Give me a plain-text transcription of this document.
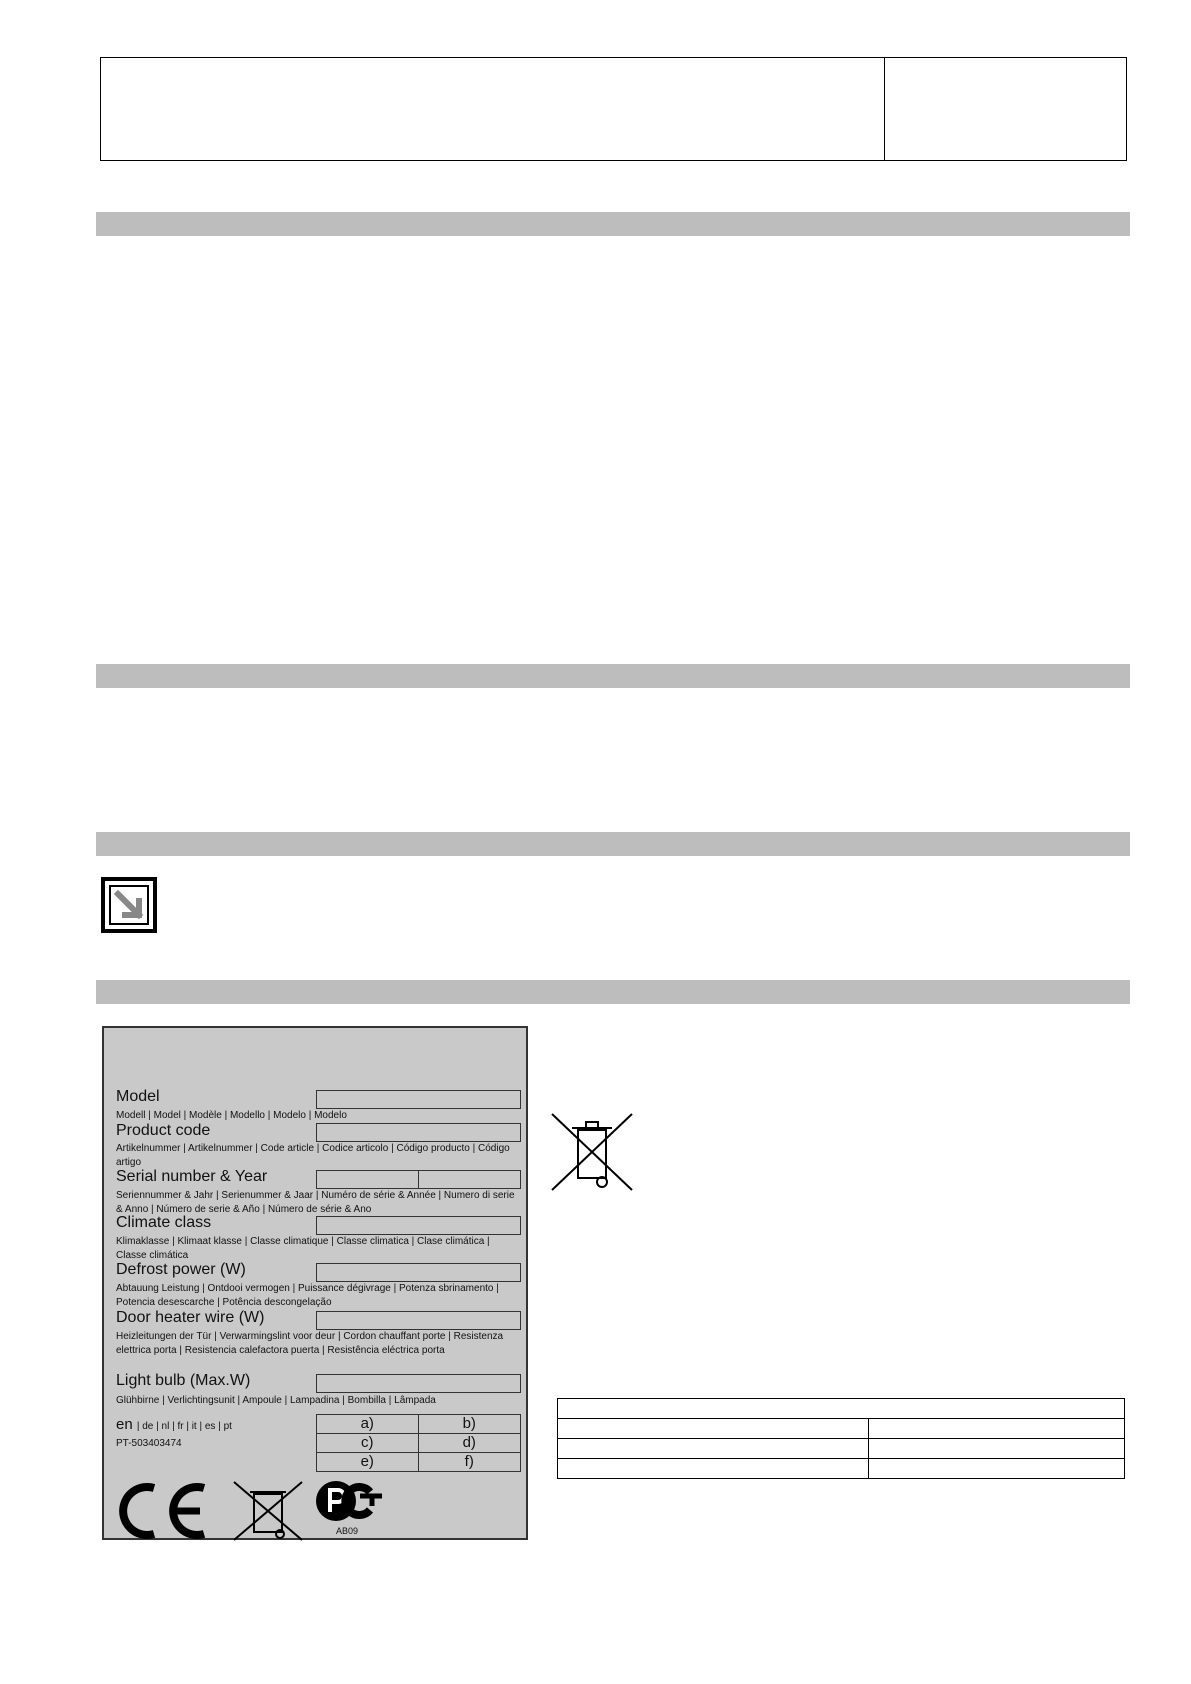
Model
Modell | Model | Modèle | Modello | Modelo | Modelo
Product code
Artikelnummer | Artikelnummer | Code article | Codice articolo | Código producto | Código artigo
Serial number & Year
Seriennummer & Jahr | Serienummer & Jaar | Numéro de série & Année | Numero di serie & Anno | Número de serie & Año | Número de série & Ano
Climate class
Klimaklasse | Klimaat klasse | Classe climatique | Classe climatica | Clase climática | Classe climática
Defrost power (W)
Abtauung Leistung | Ontdooi vermogen | Puissance dégivrage | Potenza sbrinamento | Potencia desescarche | Potência descongelação
Door heater wire (W)
Heizleitungen der Tür | Verwarmingslint voor deur | Cordon chauffant porte | Resistenza elettrica porta | Resistencia calefactora puerta | Resistência eléctrica porta
Light bulb (Max.W)
Glühbirne | Verlichtingsunit | Ampoule | Lampadina | Bombilla | Lâmpada
en | de | nl | fr | it | es | pt
PT-503403474
a)	b)
c)	d)
e)	f)
AB09
